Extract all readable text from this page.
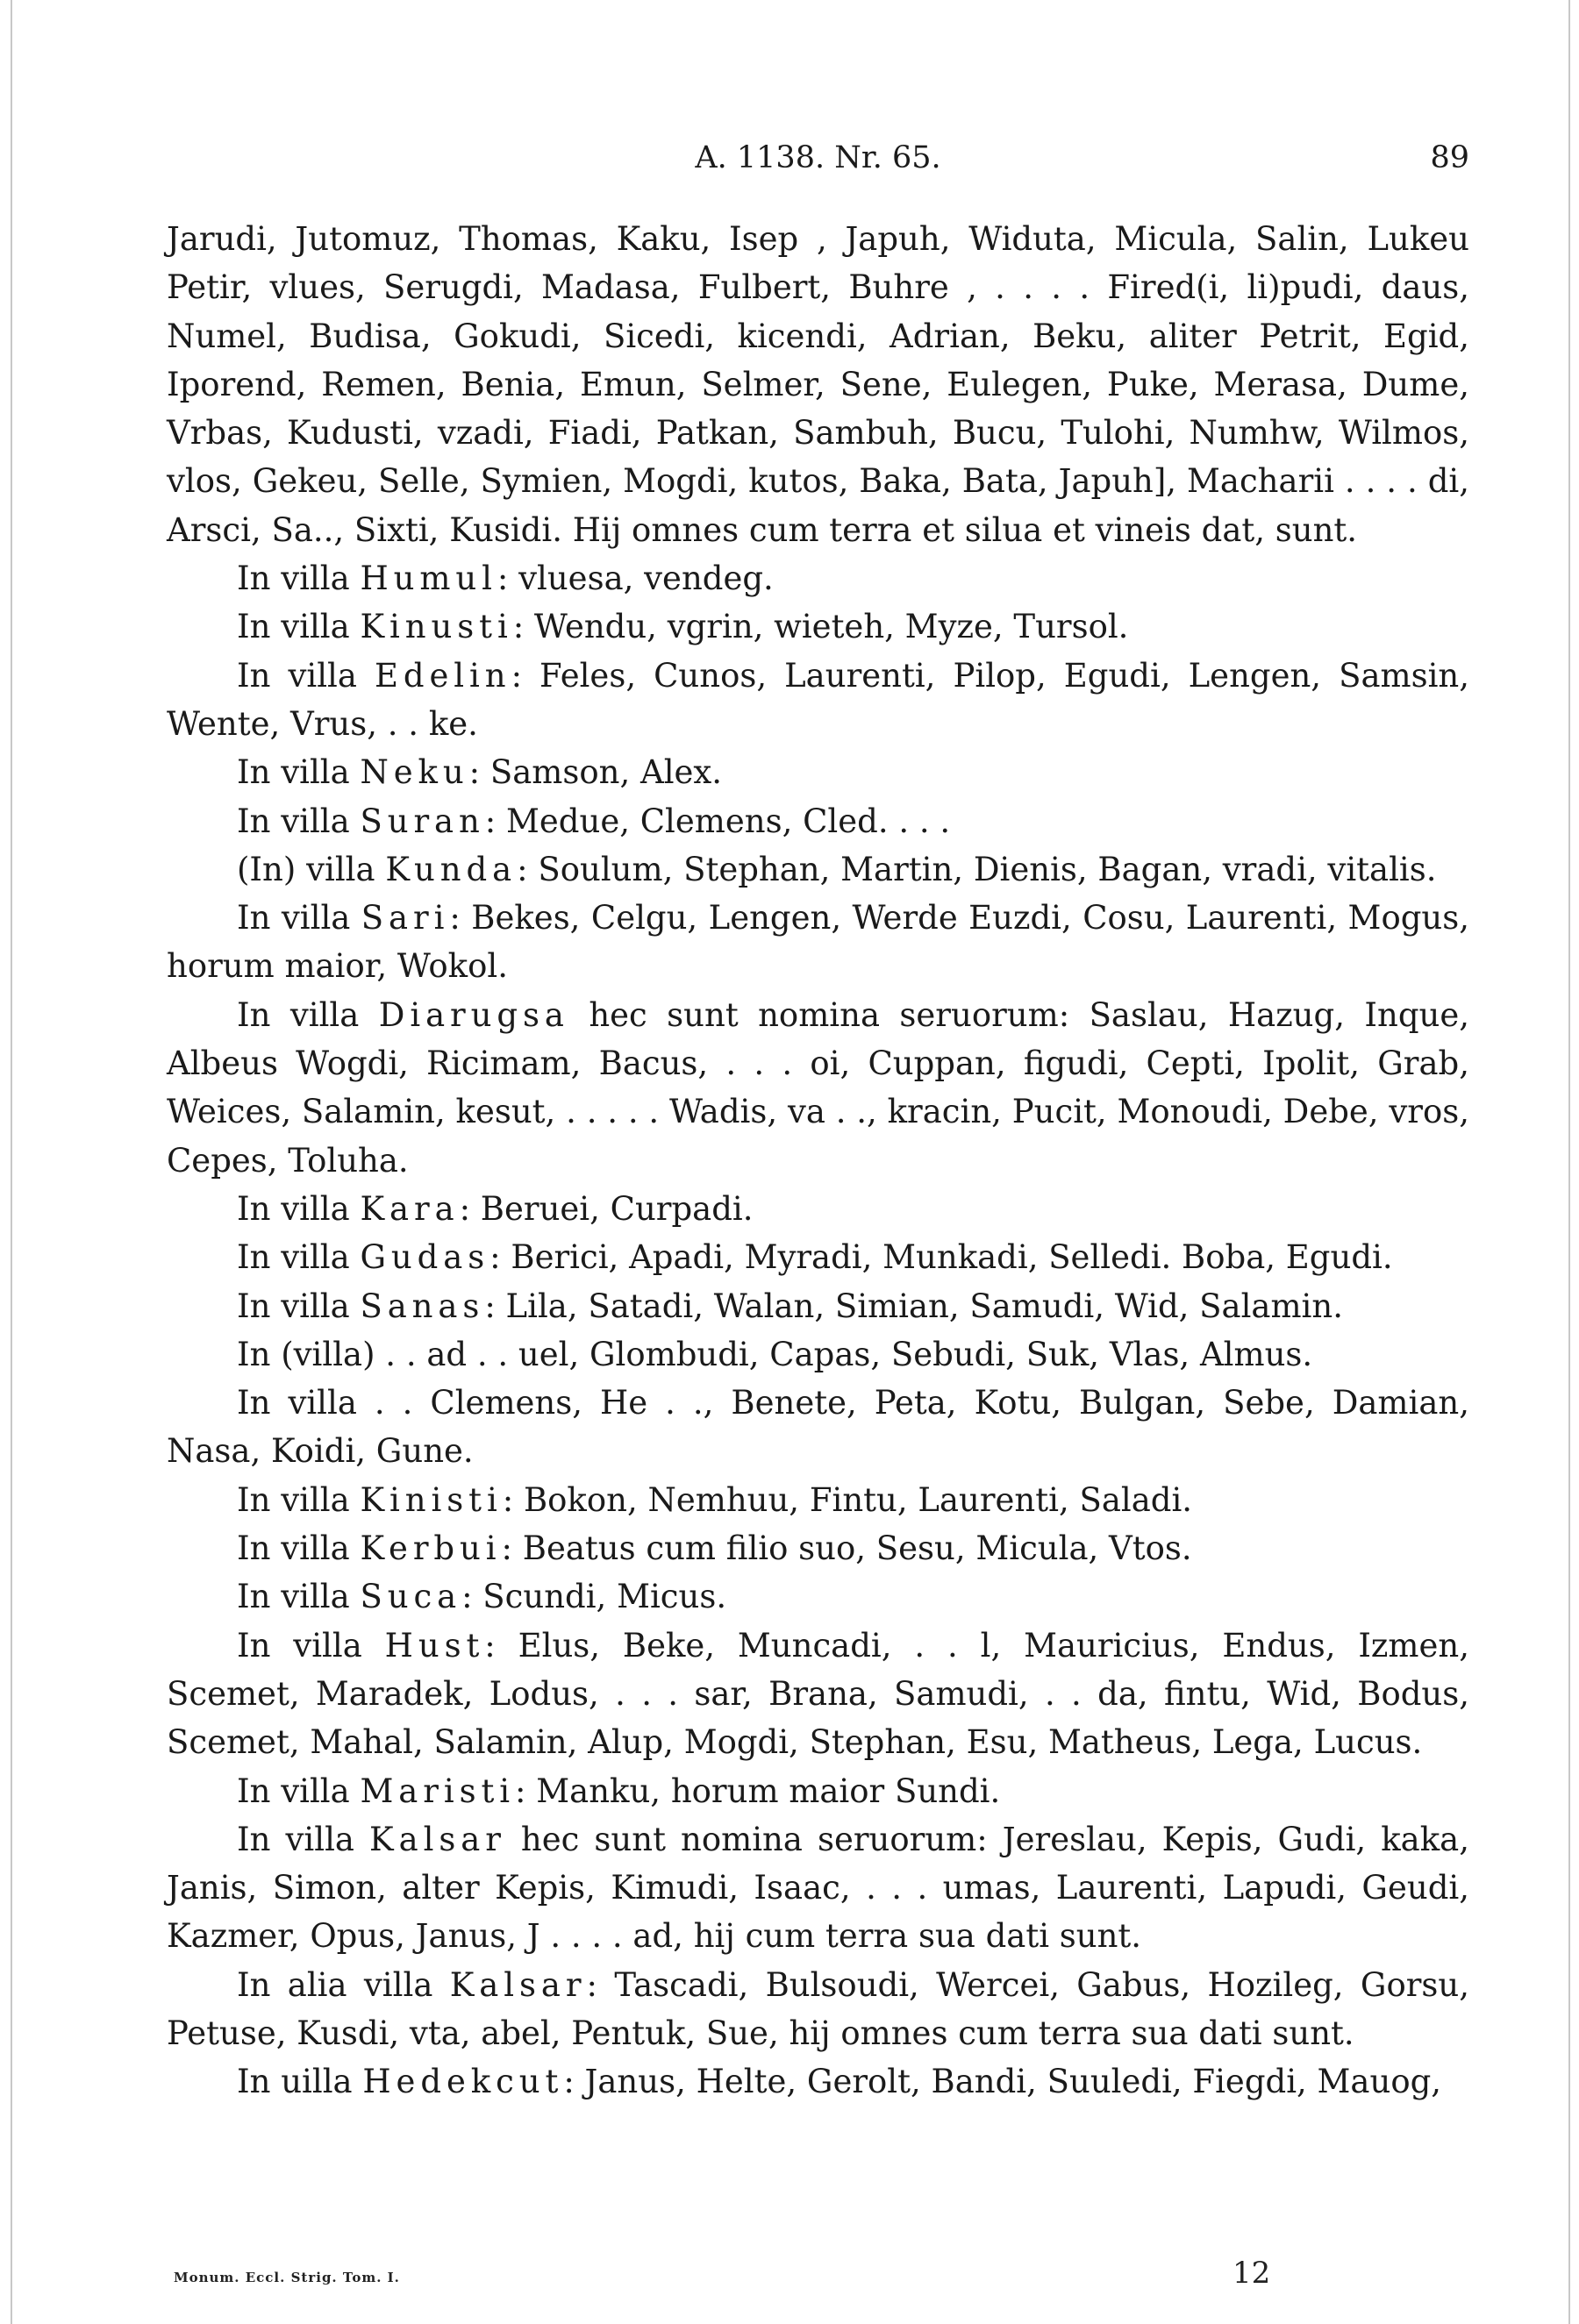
A. 1138. Nr. 65.	89

Jarudi, Jutomuz, Thomas, Kaku, Isep , Japuh, Widuta, Micula, Salin, Lukeu Petir, vlues, Serugdi, Madasa, Fulbert, Buhre , . . . . Fired(i, li)pudi, daus, Numel, Budisa, Gokudi, Sicedi, kicendi, Adrian, Beku, aliter Petrit, Egid, Iporend, Remen, Benia, Emun, Selmer, Sene, Eulegen, Puke, Merasa, Dume, Vrbas, Kudusti, vzadi, Fiadi, Patkan, Sambuh, Bucu, Tulohi, Numhw, Wilmos, vlos, Gekeu, Selle, Symien, Mogdi, kutos, Baka, Bata, Japuh], Macharii . . . . di, Arsci, Sa.., Sixti, Kusidi. Hij omnes cum terra et silua et vineis dat, sunt.

In villa Humul: vluesa, vendeg.

In villa Kinusti: Wendu, vgrin, wieteh, Myze, Tursol.

In villa Edelin: Feles, Cunos, Laurenti, Pilop, Egudi, Lengen, Samsin, Wente, Vrus, . . ke.

In villa Neku: Samson, Alex.

In villa Suran: Medue, Clemens, Cled. . . .

(In) villa Kunda: Soulum, Stephan, Martin, Dienis, Bagan, vradi, vitalis.

In villa Sari: Bekes, Celgu, Lengen, Werde Euzdi, Cosu, Laurenti, Mogus, horum maior, Wokol.

In villa Diarugsa hec sunt nomina seruorum: Saslau, Hazug, Inque, Albeus Wogdi, Ricimam, Bacus, . . . oi, Cuppan, figudi, Cepti, Ipolit, Grab, Weices, Salamin, kesut, . . . . . Wadis, va . ., kracin, Pucit, Monoudi, Debe, vros, Cepes, Toluha.

In villa Kara: Beruei, Curpadi.

In villa Gudas: Berici, Apadi, Myradi, Munkadi, Selledi. Boba, Egudi.

In villa Sanas: Lila, Satadi, Walan, Simian, Samudi, Wid, Salamin.

In (villa) . . ad . . uel, Glombudi, Capas, Sebudi, Suk, Vlas, Almus.

In villa . . Clemens, He . ., Benete, Peta, Kotu, Bulgan, Sebe, Damian, Nasa, Koidi, Gune.

In villa Kinisti: Bokon, Nemhuu, Fintu, Laurenti, Saladi.

In villa Kerbui: Beatus cum filio suo, Sesu, Micula, Vtos.

In villa Suca: Scundi, Micus.

In villa Hust: Elus, Beke, Muncadi, . . l, Mauricius, Endus, Izmen, Scemet, Maradek, Lodus, . . . sar, Brana, Samudi, . . da, fintu, Wid, Bodus, Scemet, Mahal, Salamin, Alup, Mogdi, Stephan, Esu, Matheus, Lega, Lucus.

In villa Maristi: Manku, horum maior Sundi.

In villa Kalsar hec sunt nomina seruorum: Jereslau, Kepis, Gudi, kaka, Janis, Simon, alter Kepis, Kimudi, Isaac, . . . umas, Laurenti, Lapudi, Geudi, Kazmer, Opus, Janus, J . . . . ad, hij cum terra sua dati sunt.

In alia villa Kalsar: Tascadi, Bulsoudi, Wercei, Gabus, Hozileg, Gorsu, Petuse, Kusdi, vta, abel, Pentuk, Sue, hij omnes cum terra sua dati sunt.

In uilla Hedekcut: Janus, Helte, Gerolt, Bandi, Suuledi, Fiegdi, Mauog,

Monum. Eccl. Strig. Tom. I.	12
